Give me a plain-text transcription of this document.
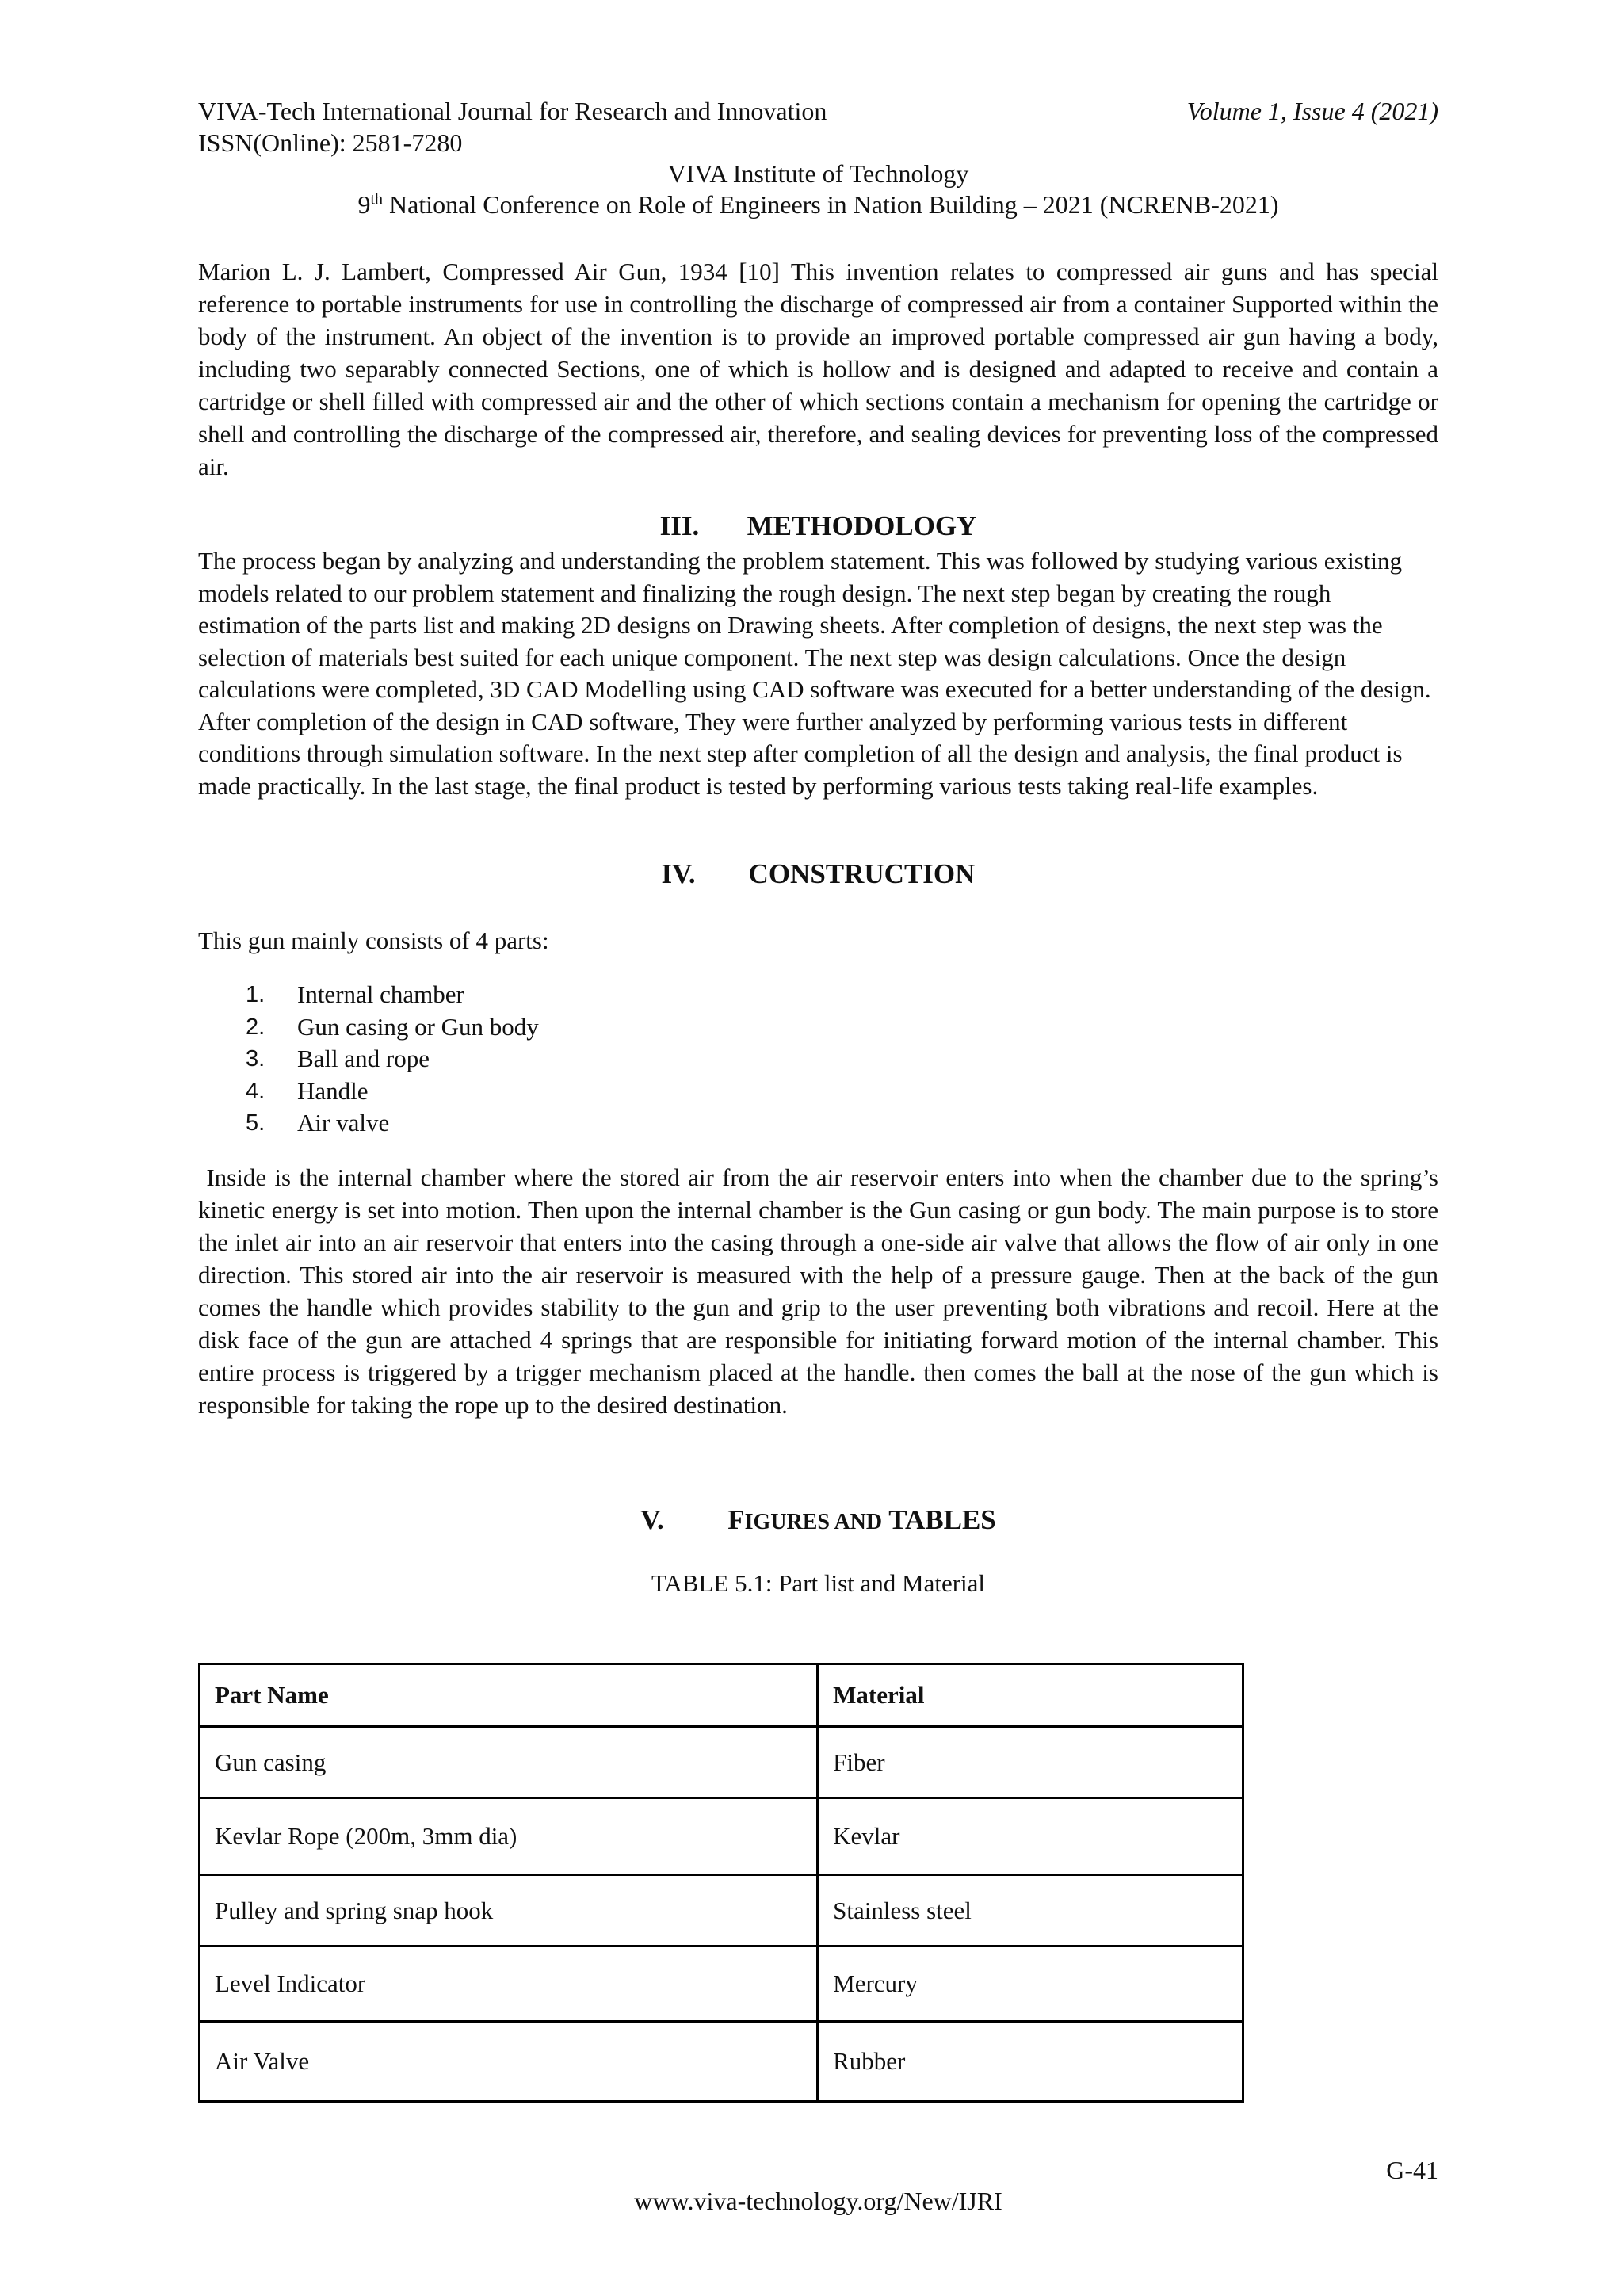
VIVA-Tech International Journal for Research and Innovation	Volume 1, Issue 4 (2021)
ISSN(Online): 2581-7280
VIVA Institute of Technology
9th National Conference on Role of Engineers in Nation Building – 2021 (NCRENB-2021)
Marion L. J. Lambert, Compressed Air Gun, 1934 [10] This invention relates to compressed air guns and has special reference to portable instruments for use in controlling the discharge of compressed air from a container Supported within the body of the instrument. An object of the invention is to provide an improved portable compressed air gun having a body, including two separably connected Sections, one of which is hollow and is designed and adapted to receive and contain a cartridge or shell filled with compressed air and the other of which sections contain a mechanism for opening the cartridge or shell and controlling the discharge of the compressed air, therefore, and sealing devices for preventing loss of the compressed air.
III. METHODOLOGY
The process began by analyzing and understanding the problem statement. This was followed by studying various existing models related to our problem statement and finalizing the rough design. The next step began by creating the rough estimation of the parts list and making 2D designs on Drawing sheets. After completion of designs, the next step was the selection of materials best suited for each unique component. The next step was design calculations. Once the design calculations were completed, 3D CAD Modelling using CAD software was executed for a better understanding of the design. After completion of the design in CAD software, They were further analyzed by performing various tests in different conditions through simulation software. In the next step after completion of all the design and analysis, the final product is made practically. In the last stage, the final product is tested by performing various tests taking real-life examples.
IV. CONSTRUCTION
This gun mainly consists of 4 parts:
1. Internal chamber
2. Gun casing or Gun body
3. Ball and rope
4. Handle
5. Air valve
Inside is the internal chamber where the stored air from the air reservoir enters into when the chamber due to the spring’s kinetic energy is set into motion. Then upon the internal chamber is the Gun casing or gun body. The main purpose is to store the inlet air into an air reservoir that enters into the casing through a one-side air valve that allows the flow of air only in one direction. This stored air into the air reservoir is measured with the help of a pressure gauge. Then at the back of the gun comes the handle which provides stability to the gun and grip to the user preventing both vibrations and recoil. Here at the disk face of the gun are attached 4 springs that are responsible for initiating forward motion of the internal chamber. This entire process is triggered by a trigger mechanism placed at the handle. then comes the ball at the nose of the gun which is responsible for taking the rope up to the desired destination.
V. FIGURES AND TABLES
TABLE 5.1: Part list and Material
Part Name	Material
Gun casing	Fiber
Kevlar Rope (200m, 3mm dia)	Kevlar
Pulley and spring snap hook	Stainless steel
Level Indicator	Mercury
Air Valve	Rubber
G-41
www.viva-technology.org/New/IJRI
